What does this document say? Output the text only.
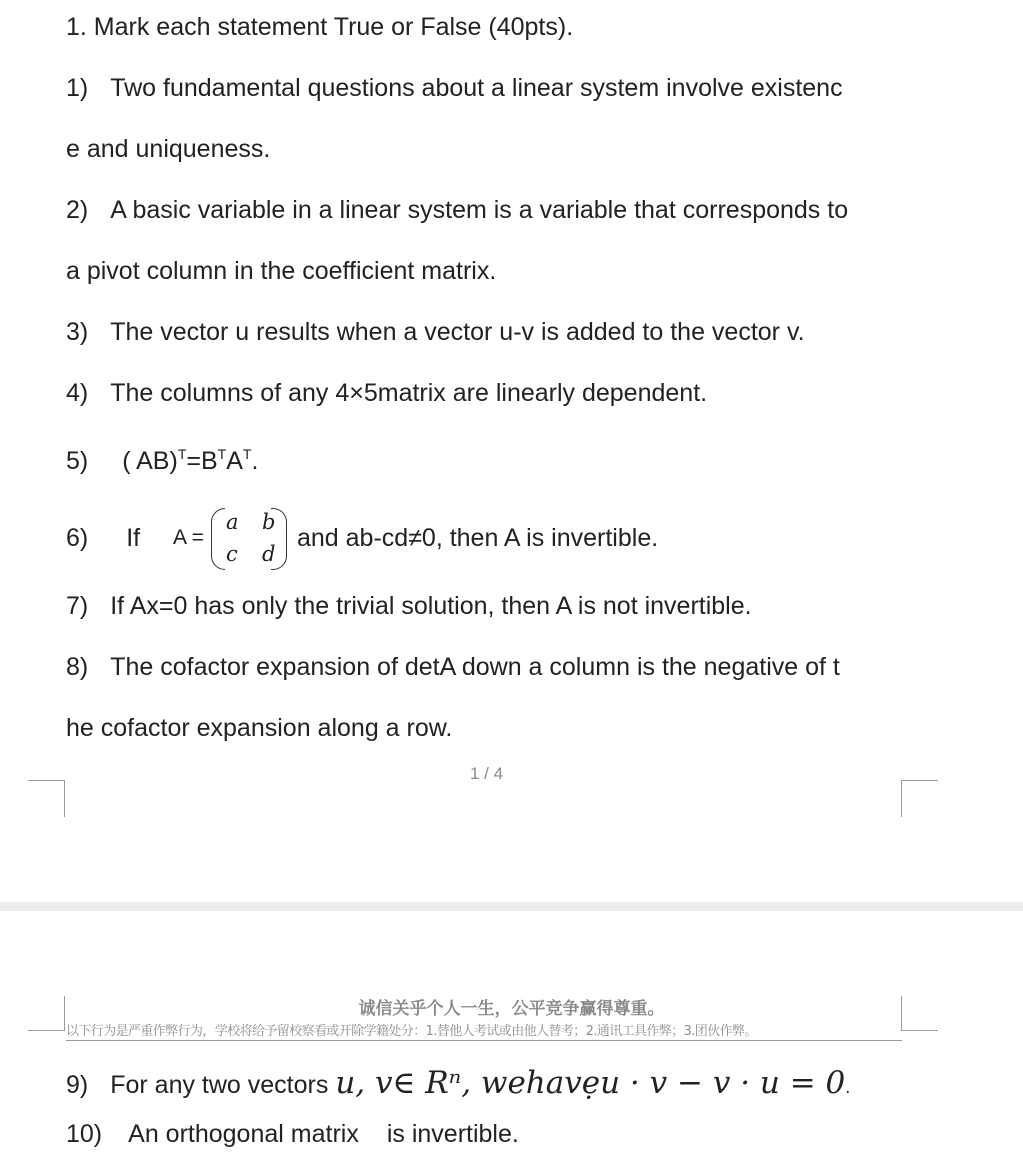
1. Mark each statement True or False (40pts).
1) Two fundamental questions about a linear system involve existenc
e and uniqueness.
2) A basic variable in a linear system is a variable that corresponds to
a pivot column in the coefficient matrix.
3) The vector u results when a vector u-v is added to the vector v.
4) The columns of any 4×5matrix are linearly dependent.
5) ( $AB)^T=B^TA^T$.
6) If A =
a b
c d
and ab-cd≠0, then A is invertible.
7) If Ax=0 has only the trivial solution, then A is not invertible.
8) The cofactor expansion of detA down a column is the negative of t
he cofactor expansion along a row.
1 / 4
诚信关乎个人一生，公平竞争赢得尊重。
以下行为是严重作弊行为，学校将给予留校察看或开除学籍处分：1.替他人考试或由他人替考；2.通讯工具作弊；3.团伙作弊。
9) For any two vectors u, v∈ Rⁿ, wehavẹu · v − v · u = 0.
10) An orthogonal matrix is invertible.
